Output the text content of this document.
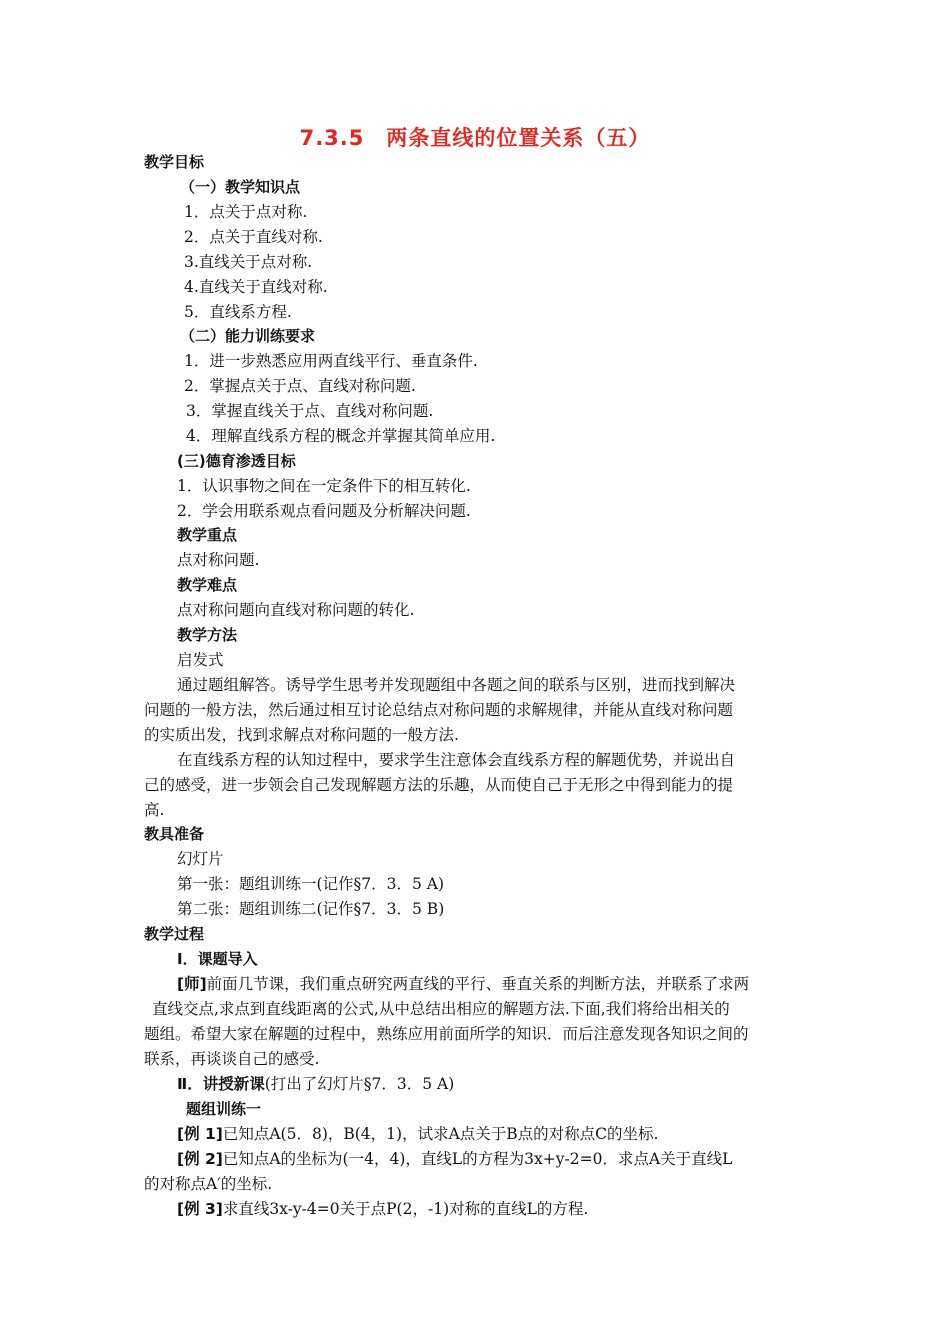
7.3.5　两条直线的位置关系（五）
教学目标
（一）教学知识点
1．点关于点对称.
2．点关于直线对称.
3.直线关于点对称.
4.直线关于直线对称.
5．直线系方程.
（二）能力训练要求
1．进一步熟悉应用两直线平行、垂直条件.
2．掌握点关于点、直线对称问题.
3．掌握直线关于点、直线对称问题.
4．理解直线系方程的概念并掌握其简单应用.
(三)德育渗透目标
1．认识事物之间在一定条件下的相互转化.
2．学会用联系观点看问题及分析解决问题.
教学重点
点对称问题.
教学难点
点对称问题向直线对称问题的转化.
教学方法
启发式
通过题组解答。诱导学生思考并发现题组中各题之间的联系与区别，进而找到解决
问题的一般方法，然后通过相互讨论总结点对称问题的求解规律，并能从直线对称问题
的实质出发，找到求解点对称问题的一般方法.
在直线系方程的认知过程中，要求学生注意体会直线系方程的解题优势，并说出自
己的感受，进一步领会自己发现解题方法的乐趣，从而使自己于无形之中得到能力的提
高.
教具准备
幻灯片
第一张：题组训练一(记作§7．3．5 A)
第二张：题组训练二(记作§7．3．5 B)
教学过程
Ⅰ．课题导入
[师]前面几节课，我们重点研究两直线的平行、垂直关系的判断方法，并联系了求两
直线交点,求点到直线距离的公式,从中总结出相应的解题方法.下面,我们将给出相关的
题组。希望大家在解题的过程中，熟练应用前面所学的知识．而后注意发现各知识之间的
联系，再谈谈自己的感受.
Ⅱ．讲授新课(打出了幻灯片§7．3．5 A)
题组训练一
[例 1]已知点A(5．8)，B(4，1)，试求A点关于B点的对称点C的坐标.
[例 2]已知点A的坐标为(一4，4)，直线L的方程为3x+y-2=0．求点A关于直线L
的对称点A′的坐标.
[例 3]求直线3x-y-4=0关于点P(2，-1)对称的直线L的方程.
